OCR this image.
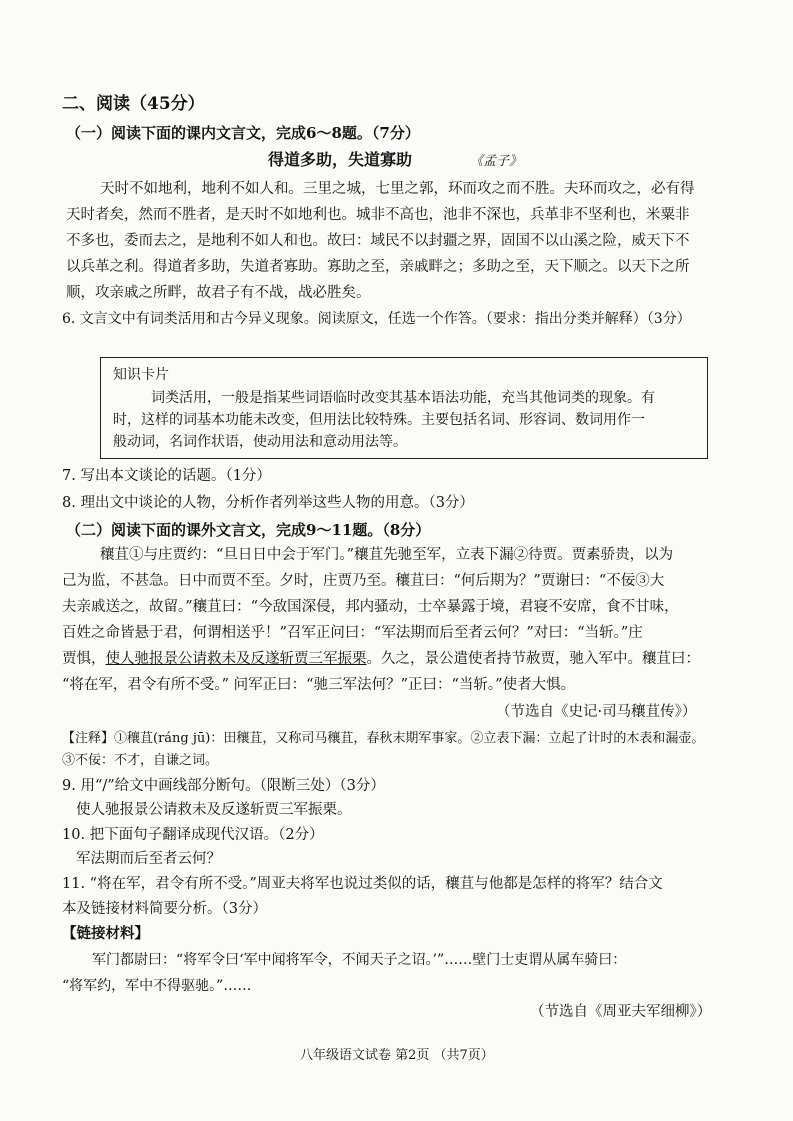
二、阅读（45分）
（一）阅读下面的课内文言文，完成6～8题。（7分）
得道多助，失道寡助	《孟子》
天时不如地利，地利不如人和。三里之城，七里之郭，环而攻之而不胜。夫环而攻之，必有得
天时者矣，然而不胜者，是天时不如地利也。城非不高也，池非不深也，兵革非不坚利也，米粟非
不多也，委而去之，是地利不如人和也。故曰：域民不以封疆之界，固国不以山溪之险，威天下不
以兵革之利。得道者多助，失道者寡助。寡助之至，亲戚畔之；多助之至，天下顺之。以天下之所
顺，攻亲戚之所畔，故君子有不战，战必胜矣。
6. 文言文中有词类活用和古今异义现象。阅读原文，任选一个作答。（要求：指出分类并解释）（3分）
知识卡片
词类活用，一般是指某些词语临时改变其基本语法功能，充当其他词类的现象。有
时，这样的词基本功能未改变，但用法比较特殊。主要包括名词、形容词、数词用作一
般动词，名词作状语，使动用法和意动用法等。
7. 写出本文谈论的话题。（1分）
8. 理出文中谈论的人物，分析作者列举这些人物的用意。（3分）
（二）阅读下面的课外文言文，完成9～11题。（8分）
穰苴①与庄贾约：“旦日日中会于军门。”穰苴先驰至军，立表下漏②待贾。贾素骄贵，以为
己为监，不甚急。日中而贾不至。夕时，庄贾乃至。穰苴曰：“何后期为？”贾谢曰：“不佞③大
夫亲戚送之，故留。”穰苴曰：“今敌国深侵，邦内骚动，士卒暴露于境，君寝不安席，食不甘味，
百姓之命皆悬于君，何谓相送乎！”召军正问曰：“军法期而后至者云何？”对曰：“当斩。”庄
贾惧，使人驰报景公请救未及反遂斩贾三军振栗。久之，景公遣使者持节赦贾，驰入军中。穰苴曰：
“将在军，君令有所不受。” 问军正曰：“驰三军法何？”正曰：“当斩。”使者大惧。
（节选自《史记·司马穰苴传》）
【注释】①穰苴(ráng jū)：田穰苴，又称司马穰苴，春秋末期军事家。②立表下漏：立起了计时的木表和漏壶。
③不佞：不才，自谦之词。
9. 用“/”给文中画线部分断句。（限断三处）（3分）
使人驰报景公请救未及反遂斩贾三军振栗。
10. 把下面句子翻译成现代汉语。（2分）
军法期而后至者云何？
11. “将在军，君令有所不受。”周亚夫将军也说过类似的话，穰苴与他都是怎样的将军？结合文
本及链接材料简要分析。（3分）
【链接材料】
军门都尉曰：“将军令曰‘军中闻将军令，不闻天子之诏。’”……壁门士吏谓从属车骑曰：
“将军约，军中不得驱驰。”……
（节选自《周亚夫军细柳》）
八年级语文试卷 第2页 （共7页）
